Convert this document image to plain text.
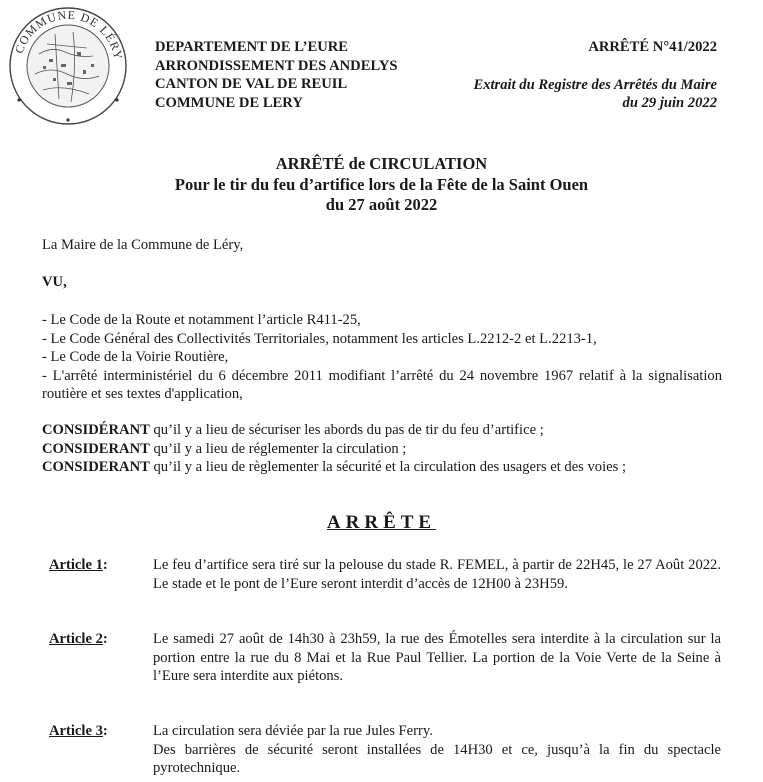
COMMUNE DE LÉRY
DEPARTEMENT DE L’EURE
ARRONDISSEMENT DES ANDELYS
CANTON DE VAL DE REUIL
COMMUNE DE LERY
ARRÊTÉ N°41/2022
Extrait du Registre des Arrêtés du Maire
du 29 juin 2022
ARRÊTÉ de CIRCULATION
Pour le tir du feu d’artifice lors de la Fête de la Saint Ouen
du 27 août 2022
La Maire de la Commune de Léry,
VU,
- Le Code de la Route et notamment l’article R411-25,
- Le Code Général des Collectivités Territoriales, notamment les articles L.2212-2 et L.2213-1,
- Le Code de la Voirie Routière,
- L'arrêté interministériel du 6 décembre 2011 modifiant l’arrêté du 24 novembre 1967 relatif à la signalisation routière et ses textes d'application,
CONSIDÉRANT qu’il y a lieu de sécuriser les abords du pas de tir du feu d’artifice ;
CONSIDERANT qu’il y a lieu de réglementer la circulation ;
CONSIDERANT qu’il y a lieu de règlementer la sécurité et la circulation des usagers et des voies ;
ARRÊTE
Article 1:	Le feu d’artifice sera tiré sur la pelouse du stade R. FEMEL, à partir de 22H45, le 27 Août 2022. Le stade et le pont de l’Eure seront interdit d’accès de 12H00 à 23H59.
Article 2:	Le samedi 27 août de 14h30 à 23h59, la rue des Émotelles sera interdite à la circulation sur la portion entre la rue du 8 Mai et la Rue Paul Tellier. La portion de la Voie Verte de la Seine à l’Eure sera interdite aux piétons.
Article 3:	La circulation sera déviée par la rue Jules Ferry.
Des barrières de sécurité seront installées de 14H30 et ce, jusqu’à la fin du spectacle pyrotechnique.
